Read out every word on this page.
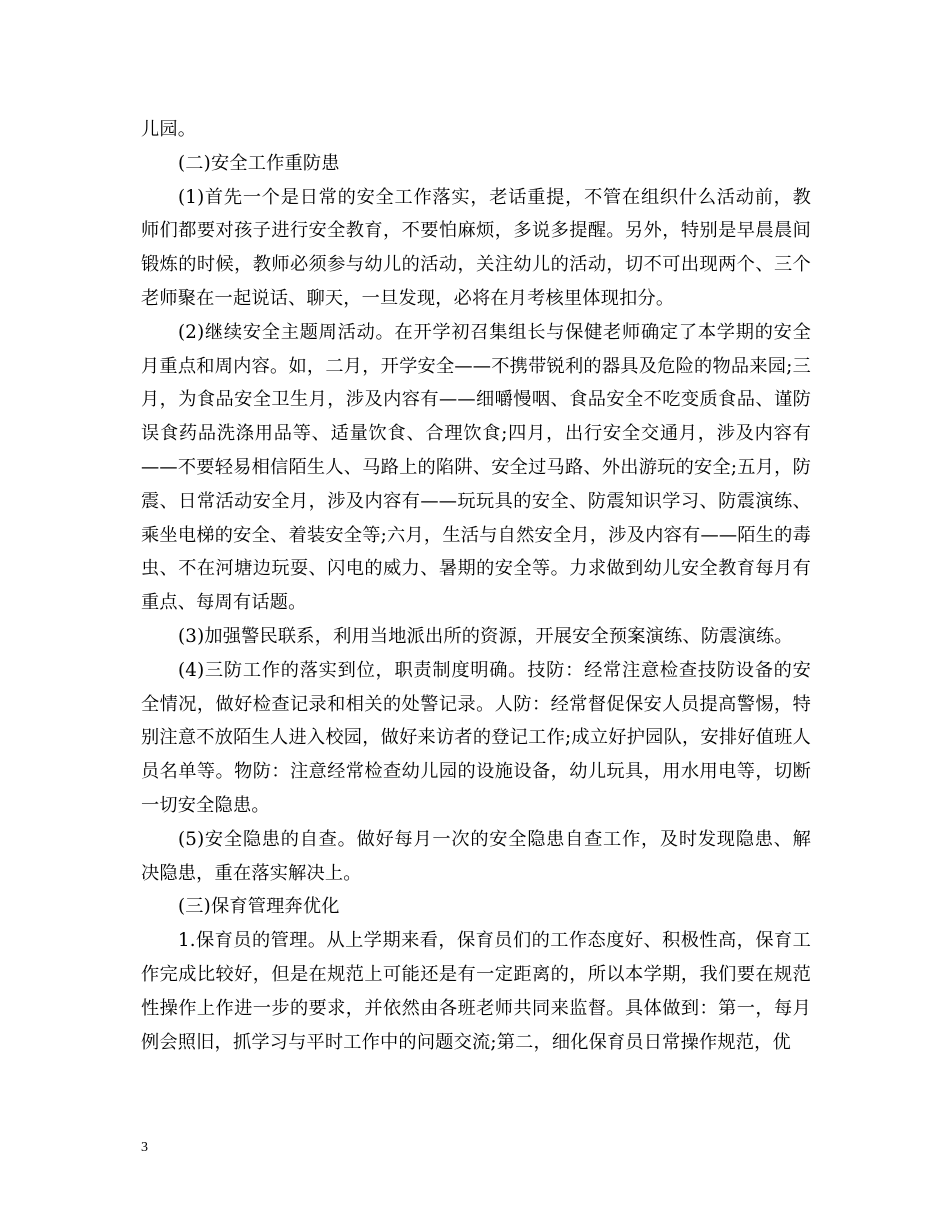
儿园。

(二)安全工作重防患

(1)首先一个是日常的安全工作落实，老话重提，不管在组织什么活动前，教师们都要对孩子进行安全教育，不要怕麻烦，多说多提醒。另外，特别是早晨晨间锻炼的时候，教师必须参与幼儿的活动，关注幼儿的活动，切不可出现两个、三个老师聚在一起说话、聊天，一旦发现，必将在月考核里体现扣分。

(2)继续安全主题周活动。在开学初召集组长与保健老师确定了本学期的安全月重点和周内容。如，二月，开学安全——不携带锐利的器具及危险的物品来园;三月，为食品安全卫生月，涉及内容有——细嚼慢咽、食品安全不吃变质食品、谨防误食药品洗涤用品等、适量饮食、合理饮食;四月，出行安全交通月，涉及内容有——不要轻易相信陌生人、马路上的陷阱、安全过马路、外出游玩的安全;五月，防震、日常活动安全月，涉及内容有——玩玩具的安全、防震知识学习、防震演练、乘坐电梯的安全、着装安全等;六月，生活与自然安全月，涉及内容有——陌生的毒虫、不在河塘边玩耍、闪电的威力、暑期的安全等。力求做到幼儿安全教育每月有重点、每周有话题。

(3)加强警民联系，利用当地派出所的资源，开展安全预案演练、防震演练。

(4)三防工作的落实到位，职责制度明确。技防：经常注意检查技防设备的安全情况，做好检查记录和相关的处警记录。人防：经常督促保安人员提高警惕，特别注意不放陌生人进入校园，做好来访者的登记工作;成立好护园队，安排好值班人员名单等。物防：注意经常检查幼儿园的设施设备，幼儿玩具，用水用电等，切断一切安全隐患。

(5)安全隐患的自查。做好每月一次的安全隐患自查工作，及时发现隐患、解决隐患，重在落实解决上。

(三)保育管理奔优化

1.保育员的管理。从上学期来看，保育员们的工作态度好、积极性高，保育工作完成比较好，但是在规范上可能还是有一定距离的，所以本学期，我们要在规范性操作上作进一步的要求，并依然由各班老师共同来监督。具体做到：第一，每月例会照旧，抓学习与平时工作中的问题交流;第二，细化保育员日常操作规范，优

3
